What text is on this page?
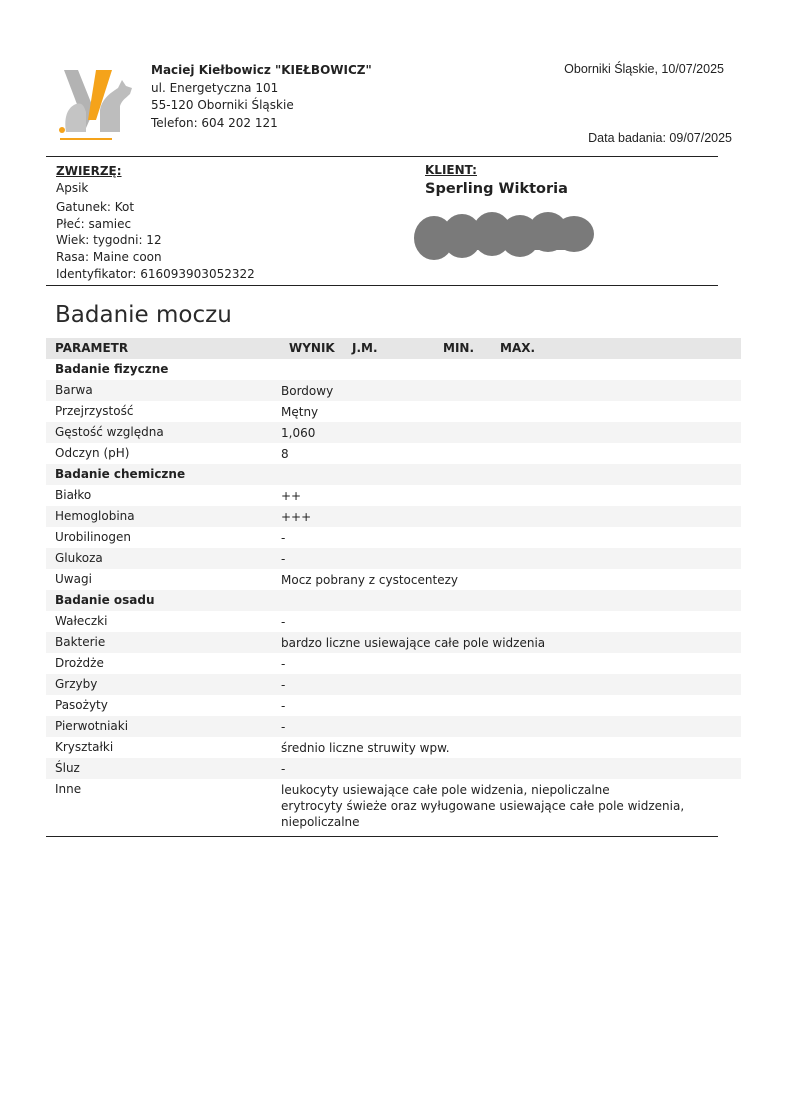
Maciej Kiełbowicz "KIEŁBOWICZ"
ul. Energetyczna 101
55-120 Oborniki Śląskie
Telefon: 604 202 121
Oborniki Śląskie, 10/07/2025
Data badania: 09/07/2025
ZWIERZĘ:
Apsik
Gatunek: Kot
Płeć: samiec
Wiek: tygodni: 12
Rasa: Maine coon
Identyfikator: 616093903052322
KLIENT:
Sperling Wiktoria
Badanie moczu
PARAMETR	WYNIK J.M.	MIN. MAX.
Badanie fizyczne

Barwa	Bordowy
Przejrzystość	Mętny
Gęstość względna	1,060
Odczyn (pH)	8
Badanie chemiczne

Białko	++
Hemoglobina	+++
Urobilinogen	-
Glukoza	-
Uwagi	Mocz pobrany z cystocentezy
Badanie osadu

Wałeczki	-
Bakterie	bardzo liczne usiewające całe pole widzenia
Drożdże	-
Grzyby	-
Pasożyty	-
Pierwotniaki	-
Kryształki	średnio liczne struwity wpw.
Śluz	-
Inne	leukocyty usiewające całe pole widzenia, niepoliczalne
erytrocyty świeże oraz wyługowane usiewające całe pole widzenia,
niepoliczalne
